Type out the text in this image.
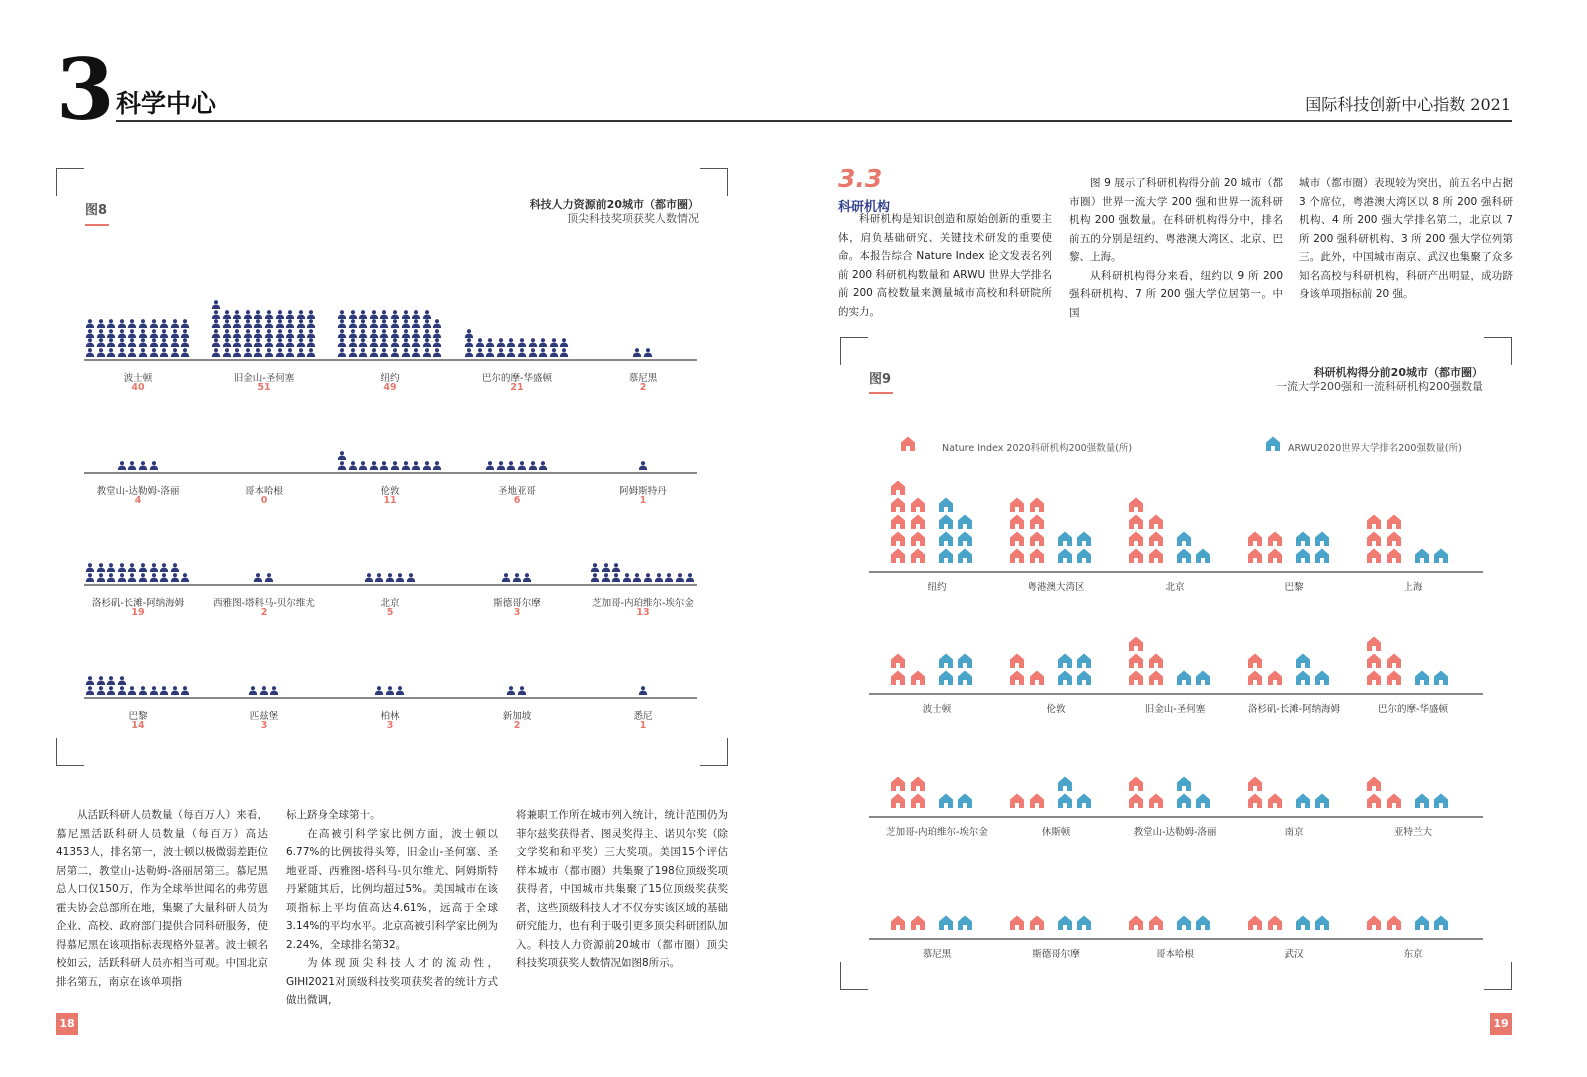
3 科学中心	国际科技创新中心指数 2021
图8	科技人力资源前20城市（都市圈）
顶尖科技奖项获奖人数情况
波士顿
40
旧金山-圣何塞
51
纽约
49
巴尔的摩-华盛顿
21
慕尼黑
2
教堂山-达勒姆-洛丽
4
哥本哈根
0
伦敦
11
圣地亚哥
6
阿姆斯特丹
1
洛杉矶-长滩-阿纳海姆
19
西雅图-塔科马-贝尔维尤
2
北京
5
斯德哥尔摩
3
芝加哥-内珀维尔-埃尔金
13
巴黎
14
匹兹堡
3
柏林
3
新加坡
2
悉尼
1

从活跃科研人员数量（每百万人）来看，慕尼黑活跃科研人员数量（每百万）高达41353人，排名第一，波士顿以极微弱差距位居第二，教堂山-达勒姆-洛丽居第三。慕尼黑总人口仅150万，作为全球举世闻名的弗劳恩霍夫协会总部所在地，集聚了大量科研人员为企业、高校、政府部门提供合同科研服务，使得慕尼黑在该项指标表现格外显著。波士顿名校如云，活跃科研人员亦相当可观。中国北京排名第五，南京在该单项指

标上跻身全球第十。

在高被引科学家比例方面，波士顿以6.77%的比例拔得头筹，旧金山-圣何塞、圣地亚哥、西雅图-塔科马-贝尔维尤、阿姆斯特丹紧随其后，比例均超过5%。美国城市在该项指标上平均值高达4.61%，远高于全球3.14%的平均水平。北京高被引科学家比例为2.24%，全球排名第32。

为体现顶尖科技人才的流动性，GIHI2021对顶级科技奖项获奖者的统计方式做出微调，

将兼职工作所在城市列入统计，统计范围仍为菲尔兹奖获得者、图灵奖得主、诺贝尔奖（除文学奖和和平奖）三大奖项。美国15个评估样本城市（都市圈）共集聚了198位顶级奖项获得者，中国城市共集聚了15位顶级奖获奖者，这些顶级科技人才不仅夯实该区域的基础研究能力，也有利于吸引更多顶尖科研团队加入。科技人力资源前20城市（都市圈）顶尖科技奖项获奖人数情况如图8所示。
18
3.3
科研机构

科研机构是知识创造和原始创新的重要主体，肩负基础研究、关键技术研发的重要使命。本报告综合 Nature Index 论文发表名列前 200 科研机构数量和 ARWU 世界大学排名前 200 高校数量来测量城市高校和科研院所的实力。

图 9 展示了科研机构得分前 20 城市（都市圈）世界一流大学 200 强和世界一流科研机构 200 强数量。在科研机构得分中，排名前五的分别是纽约、粤港澳大湾区、北京、巴黎、上海。

从科研机构得分来看，纽约以 9 所 200 强科研机构、7 所 200 强大学位居第一。中国

城市（都市圈）表现较为突出，前五名中占据 3 个席位，粤港澳大湾区以 8 所 200 强科研机构、4 所 200 强大学排名第二，北京以 7 所 200 强科研机构、3 所 200 强大学位列第三。此外，中国城市南京、武汉也集聚了众多知名高校与科研机构，科研产出明显，成功跻身该单项指标前 20 强。
图9	科研机构得分前20城市（都市圈）
一流大学200强和一流科研机构200强数量
Nature Index 2020科研机构200强数量(所)	ARWU2020世界大学排名200强数量(所)
纽约	粤港澳大湾区	北京	巴黎	上海
波士顿	伦敦	旧金山-圣何塞	洛杉矶-长滩-阿纳海姆	巴尔的摩-华盛顿
芝加哥-内珀维尔-埃尔金	休斯顿	教堂山-达勒姆-洛丽	南京	亚特兰大
慕尼黑	斯德哥尔摩	哥本哈根	武汉	东京
19
